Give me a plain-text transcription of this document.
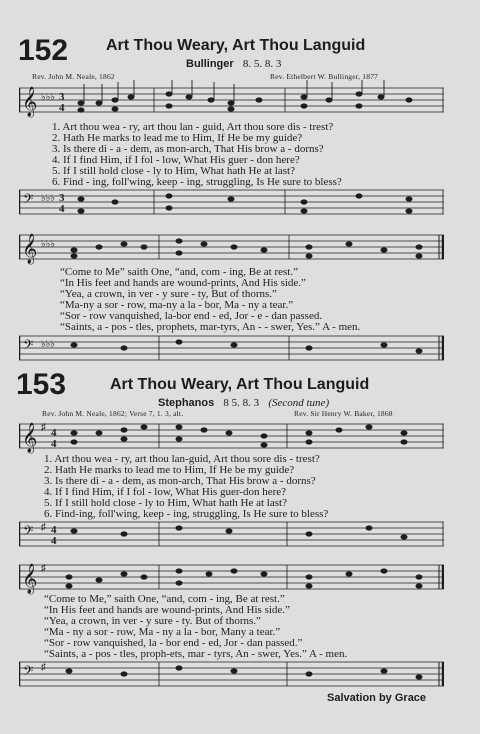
152 Art Thou Weary, Art Thou Languid
Bullinger 8. 5. 8. 3
Rev. John M. Neale, 1862	Rev. Ethelbert W. Bullinger, 1877
𝄞 ♭♭♭ 3
4
1. Art thou wea - ry, art thou lan - guid, Art thou sore dis - trest?
2. Hath He marks to lead me to Him, If He be my guide?
3. Is there di - a - dem, as mon-arch, That His brow a - dorns?
4. If I find Him, if I fol - low, What His guer - don here?
5. If I still hold close - ly to Him, What hath He at last?
6. Find - ing, foll'wing, keep - ing, struggling, Is He sure to bless?
𝄢 ♭♭♭ 3
4
𝄞 ♭♭♭
“Come to Me” saith One, “and, com - ing, Be at rest.”
“In His feet and hands are wound-prints, And His side.”
“Yea, a crown, in ver - y sure - ty, But of thorns.”
“Ma-ny a sor - row, ma-ny a la - bor, Ma - ny a tear.”
“Sor - row vanquished, la-bor end - ed, Jor - e - dan passed.
“Saints, a - pos - tles, prophets, mar-tyrs, An - - swer, Yes.” A - men.
𝄢 ♭♭♭
153	Art Thou Weary, Art Thou Languid
Stephanos 8 5. 8. 3 (Second tune)
Rev. John M. Neale, 1862; Verse 7, 1. 3, alt.	Rev. Sir Henry W. Baker, 1868
𝄞 ♯ 4
4
1. Art thou wea - ry, art thou lan-guid, Art thou sore dis - trest?
2. Hath He marks to lead me to Him, If He be my guide?
3. Is there di - a - dem, as mon-arch, That His brow a - dorns?
4. If I find Him, if I fol - low, What His guer-don here?
5. If I still hold close - ly to Him, What hath He at last?
6. Find-ing, foll'wing, keep - ing, struggling, Is He sure to bless?
𝄢 ♯ 4
4
𝄞 ♯
“Come to Me,” saith One, “and, com - ing, Be at rest.”
“In His feet and hands are wound-prints, And His side.”
“Yea, a crown, in ver - y sure - ty. But of thorns.”
“Ma - ny a sor - row, Ma - ny a la - bor, Many a tear.”
“Sor - row vanquished, la - bor end - ed, Jor - dan passed.”
“Saints, a - pos - tles, proph-ets, mar - tyrs, An - swer, Yes.” A - men.
𝄢 ♯
Salvation by Grace
